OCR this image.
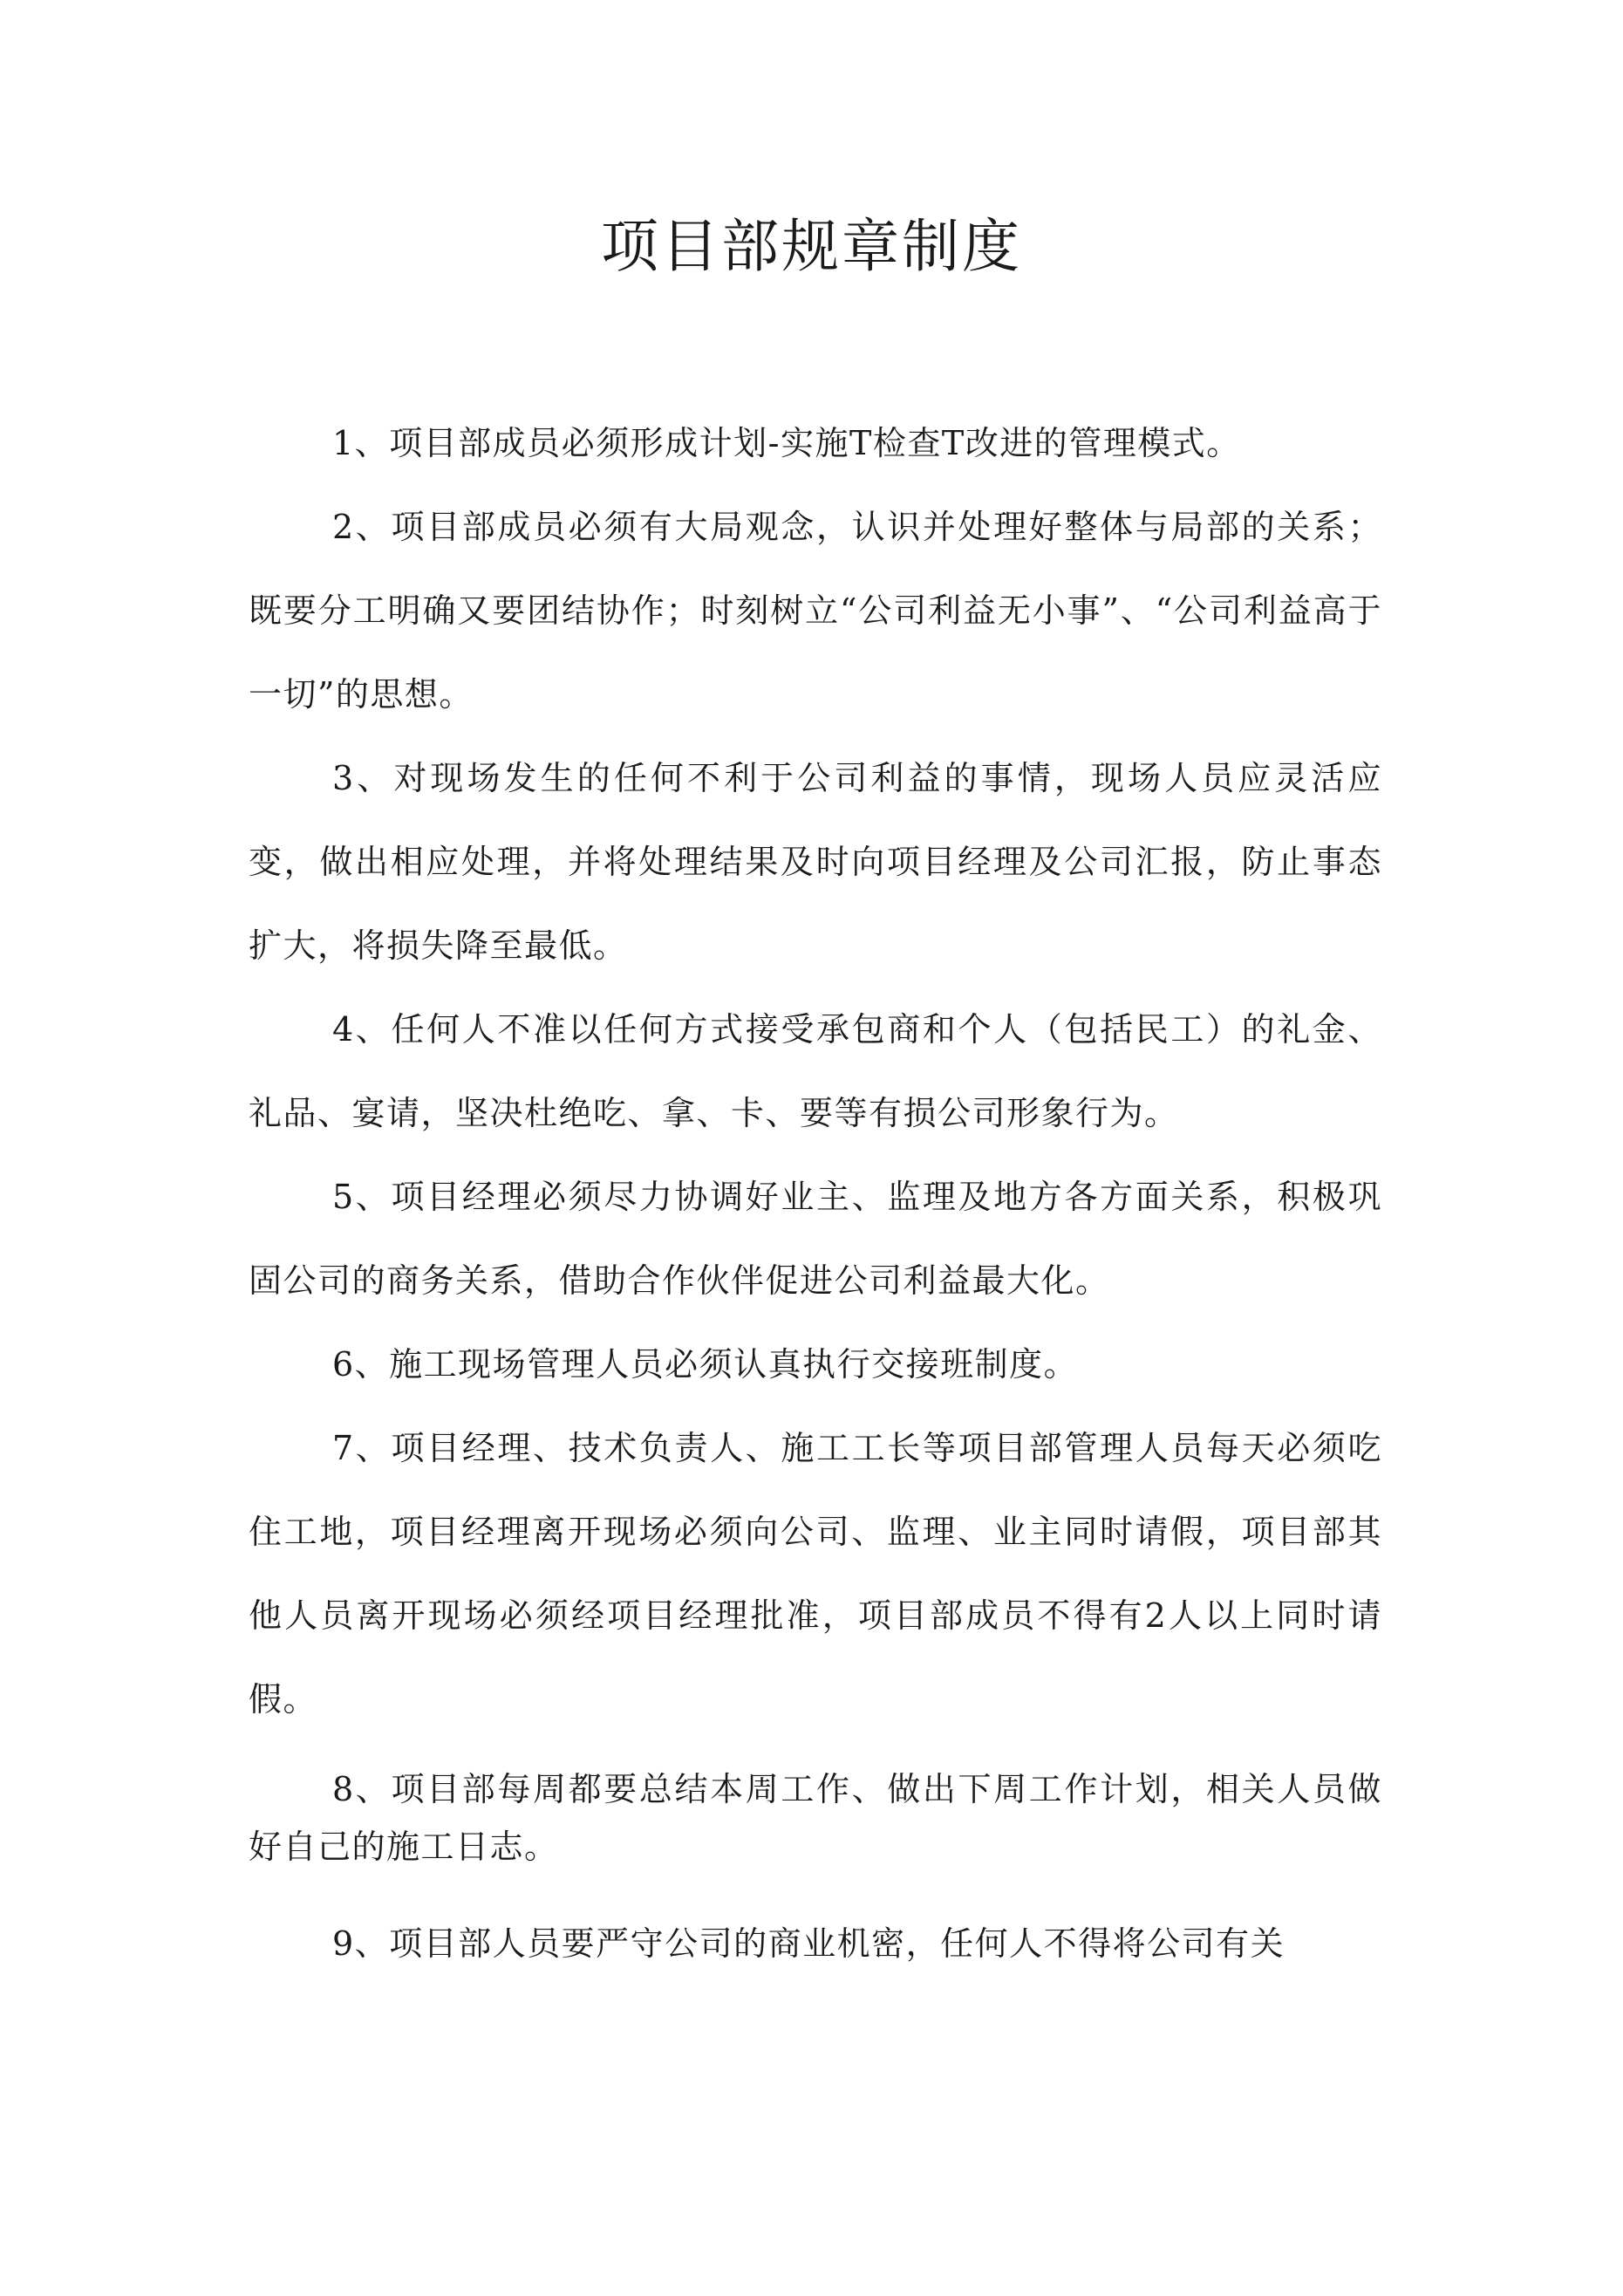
项目部规章制度

1、项目部成员必须形成计划-实施T检查T改进的管理模式。

2、项目部成员必须有大局观念，认识并处理好整体与局部的关系；既要分工明确又要团结协作；时刻树立“公司利益无小事”、“公司利益高于一切”的思想。

3、对现场发生的任何不利于公司利益的事情，现场人员应灵活应变，做出相应处理，并将处理结果及时向项目经理及公司汇报，防止事态扩大，将损失降至最低。

4、任何人不准以任何方式接受承包商和个人（包括民工）的礼金、礼品、宴请，坚决杜绝吃、拿、卡、要等有损公司形象行为。

5、项目经理必须尽力协调好业主、监理及地方各方面关系，积极巩固公司的商务关系，借助合作伙伴促进公司利益最大化。

6、施工现场管理人员必须认真执行交接班制度。

7、项目经理、技术负责人、施工工长等项目部管理人员每天必须吃住工地，项目经理离开现场必须向公司、监理、业主同时请假，项目部其他人员离开现场必须经项目经理批准，项目部成员不得有2人以上同时请假。

8、项目部每周都要总结本周工作、做出下周工作计划，相关人员做好自己的施工日志。

9、项目部人员要严守公司的商业机密，任何人不得将公司有关
